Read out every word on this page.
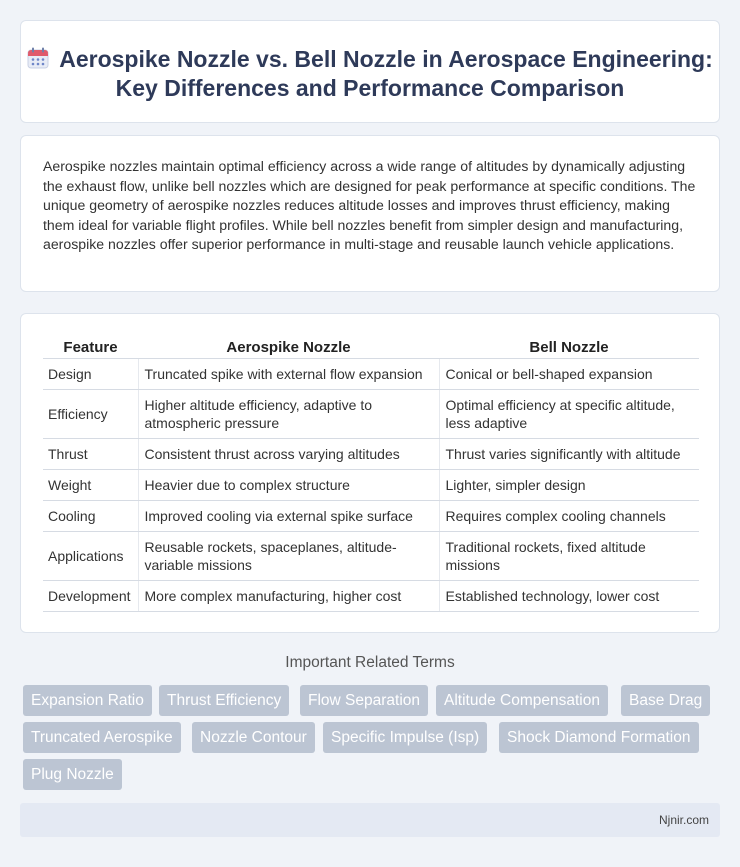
Aerospike Nozzle vs. Bell Nozzle in Aerospace Engineering: Key Differences and Performance Comparison

Aerospike nozzles maintain optimal efficiency across a wide range of altitudes by dynamically adjusting the exhaust flow, unlike bell nozzles which are designed for peak performance at specific conditions. The unique geometry of aerospike nozzles reduces altitude losses and improves thrust efficiency, making them ideal for variable flight profiles. While bell nozzles benefit from simpler design and manufacturing, aerospike nozzles offer superior performance in multi-stage and reusable launch vehicle applications.

Feature	Aerospike Nozzle	Bell Nozzle
Design	Truncated spike with external flow expansion	Conical or bell-shaped expansion
Efficiency	Higher altitude efficiency, adaptive to atmospheric pressure	Optimal efficiency at specific altitude, less adaptive
Thrust	Consistent thrust across varying altitudes	Thrust varies significantly with altitude
Weight	Heavier due to complex structure	Lighter, simpler design
Cooling	Improved cooling via external spike surface	Requires complex cooling channels
Applications	Reusable rockets, spaceplanes, altitude-variable missions	Traditional rockets, fixed altitude missions
Development	More complex manufacturing, higher cost	Established technology, lower cost
Important Related Terms
Expansion Ratio	Thrust Efficiency	Flow Separation	Altitude Compensation	Base Drag
Truncated Aerospike	Nozzle Contour	Specific Impulse (Isp)	Shock Diamond Formation
Plug Nozzle
Njnir.com
